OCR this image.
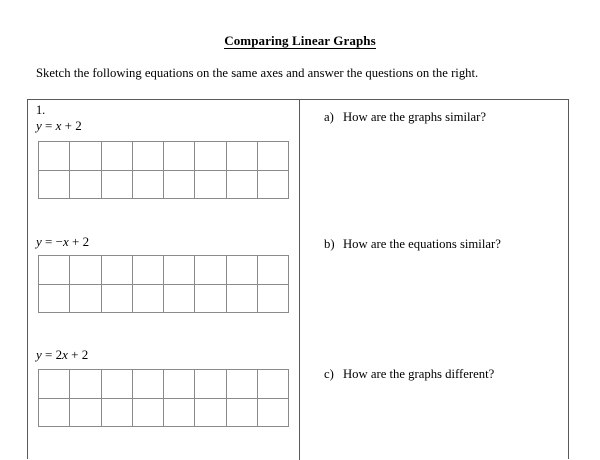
Comparing Linear Graphs
Sketch the following equations on the same axes and answer the questions on the right.
1.
y = x + 2
y = −x + 2
y = 2x + 2
a) How are the graphs similar?
b) How are the equations similar?
c) How are the graphs different?
